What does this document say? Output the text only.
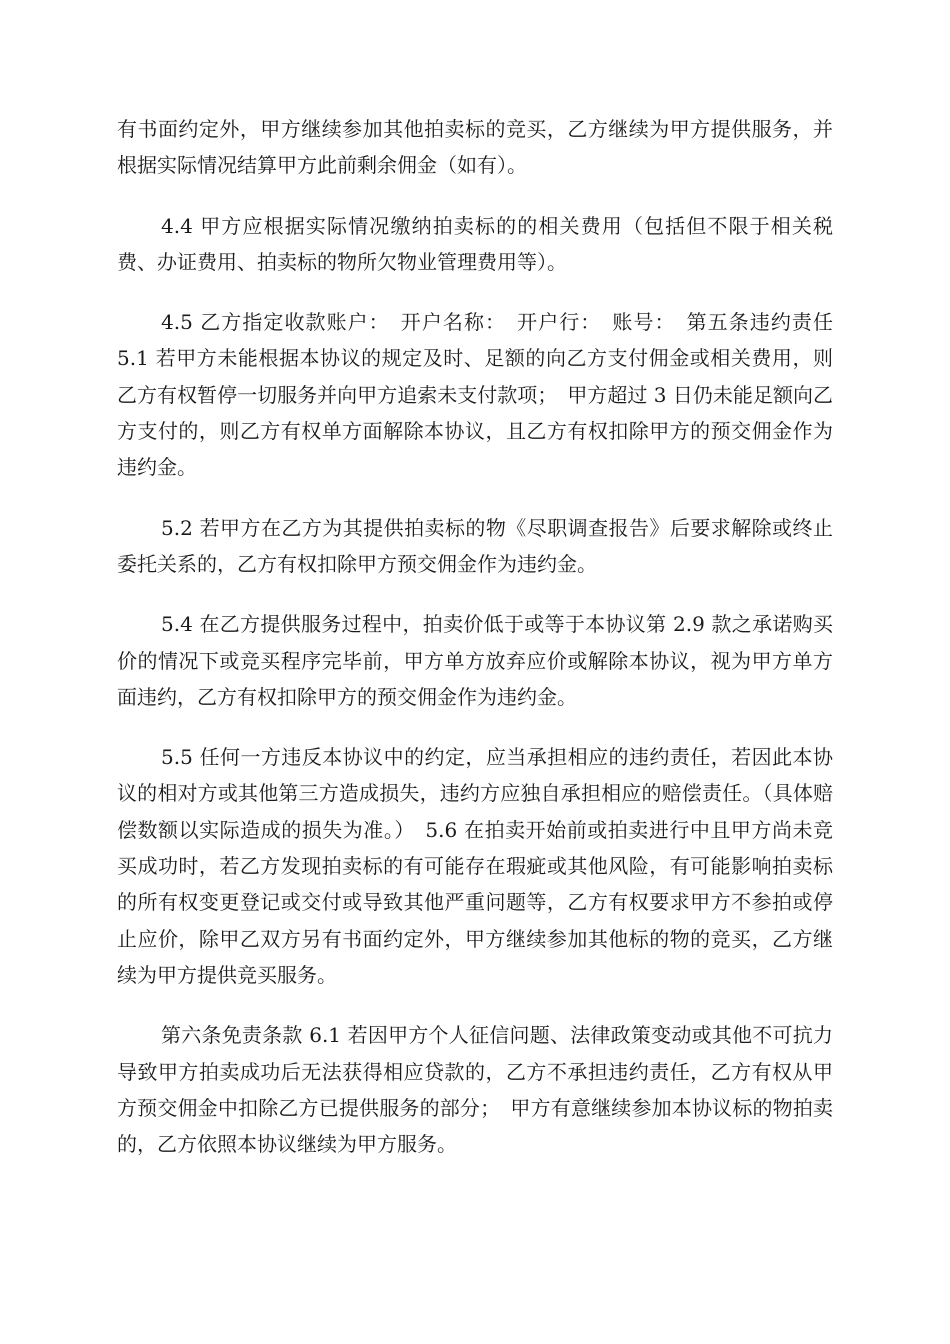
有书面约定外，甲方继续参加其他拍卖标的竞买，乙方继续为甲方提供服务，并根据实际情况结算甲方此前剩余佣金（如有）。

4.4 甲方应根据实际情况缴纳拍卖标的的相关费用（包括但不限于相关税费、办证费用、拍卖标的物所欠物业管理费用等）。

4.5 乙方指定收款账户：　开户名称：　开户行：　账号：　第五条违约责任 5.1 若甲方未能根据本协议的规定及时、足额的向乙方支付佣金或相关费用，则乙方有权暂停一切服务并向甲方追索未支付款项；　甲方超过 3 日仍未能足额向乙方支付的，则乙方有权单方面解除本协议，且乙方有权扣除甲方的预交佣金作为违约金。

5.2 若甲方在乙方为其提供拍卖标的物《尽职调查报告》后要求解除或终止委托关系的，乙方有权扣除甲方预交佣金作为违约金。

5.4 在乙方提供服务过程中，拍卖价低于或等于本协议第 2.9 款之承诺购买价的情况下或竞买程序完毕前，甲方单方放弃应价或解除本协议，视为甲方单方面违约，乙方有权扣除甲方的预交佣金作为违约金。

5.5 任何一方违反本协议中的约定，应当承担相应的违约责任，若因此本协议的相对方或其他第三方造成损失，违约方应独自承担相应的赔偿责任。（具体赔偿数额以实际造成的损失为准。）　5.6 在拍卖开始前或拍卖进行中且甲方尚未竞买成功时，若乙方发现拍卖标的有可能存在瑕疵或其他风险，有可能影响拍卖标的所有权变更登记或交付或导致其他严重问题等，乙方有权要求甲方不参拍或停止应价，除甲乙双方另有书面约定外，甲方继续参加其他标的物的竞买，乙方继续为甲方提供竞买服务。

第六条免责条款 6.1 若因甲方个人征信问题、法律政策变动或其他不可抗力导致甲方拍卖成功后无法获得相应贷款的，乙方不承担违约责任，乙方有权从甲方预交佣金中扣除乙方已提供服务的部分；　甲方有意继续参加本协议标的物拍卖的，乙方依照本协议继续为甲方服务。
